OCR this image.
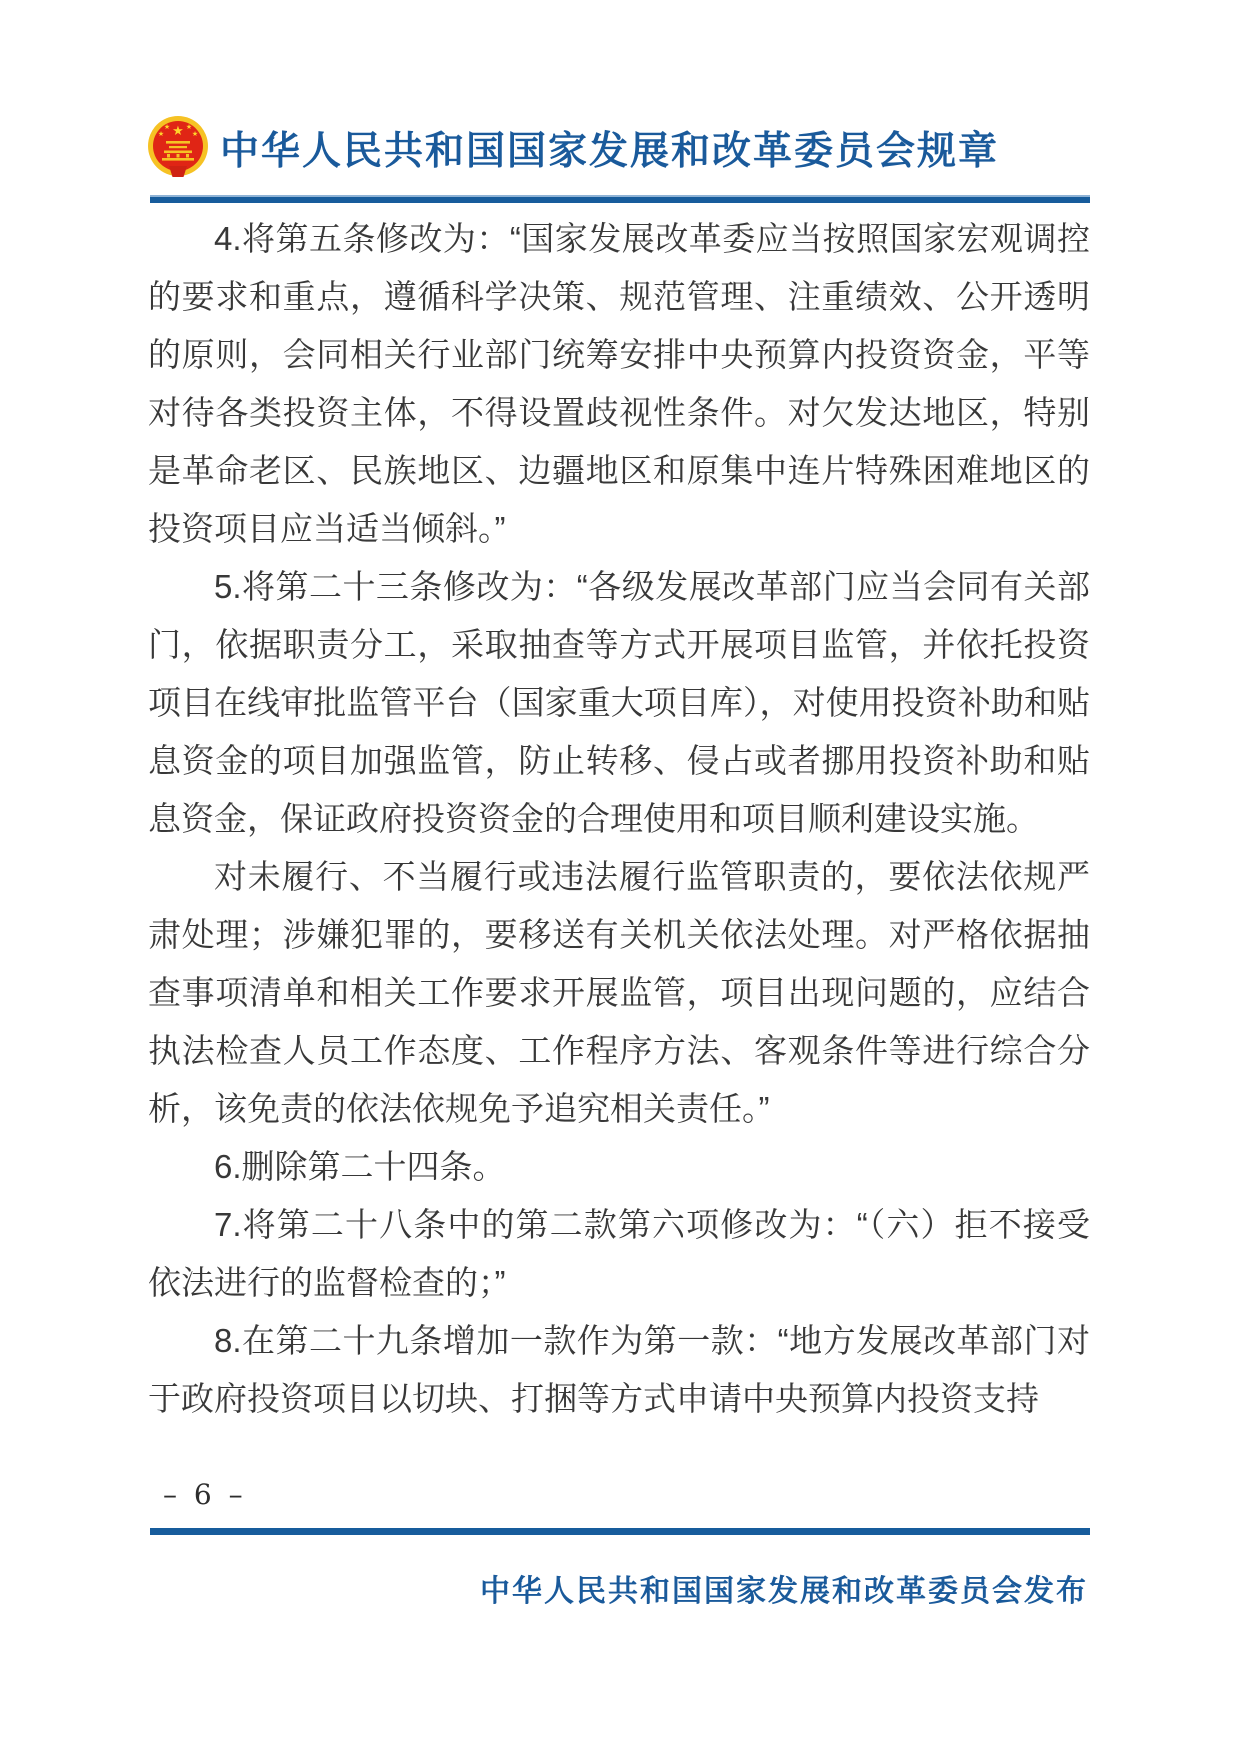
★
★ ★
★	★ 中华人民共和国国家发展和改革委员会规章

4.将第五条修改为：“国家发展改革委应当按照国家宏观调控的要求和重点，遵循科学决策、规范管理、注重绩效、公开透明的原则，会同相关行业部门统筹安排中央预算内投资资金，平等对待各类投资主体，不得设置歧视性条件。对欠发达地区，特别是革命老区、民族地区、边疆地区和原集中连片特殊困难地区的投资项目应当适当倾斜。”

5.将第二十三条修改为：“各级发展改革部门应当会同有关部门，依据职责分工，采取抽查等方式开展项目监管，并依托投资项目在线审批监管平台（国家重大项目库），对使用投资补助和贴息资金的项目加强监管，防止转移、侵占或者挪用投资补助和贴息资金，保证政府投资资金的合理使用和项目顺利建设实施。

对未履行、不当履行或违法履行监管职责的，要依法依规严肃处理；涉嫌犯罪的，要移送有关机关依法处理。对严格依据抽查事项清单和相关工作要求开展监管，项目出现问题的，应结合执法检查人员工作态度、工作程序方法、客观条件等进行综合分析，该免责的依法依规免予追究相关责任。”

6.删除第二十四条。

7.将第二十八条中的第二款第六项修改为：“（六）拒不接受依法进行的监督检查的；”

8.在第二十九条增加一款作为第一款：“地方发展改革部门对于政府投资项目以切块、打捆等方式申请中央预算内投资支持

– 6 –
中华人民共和国国家发展和改革委员会发布
